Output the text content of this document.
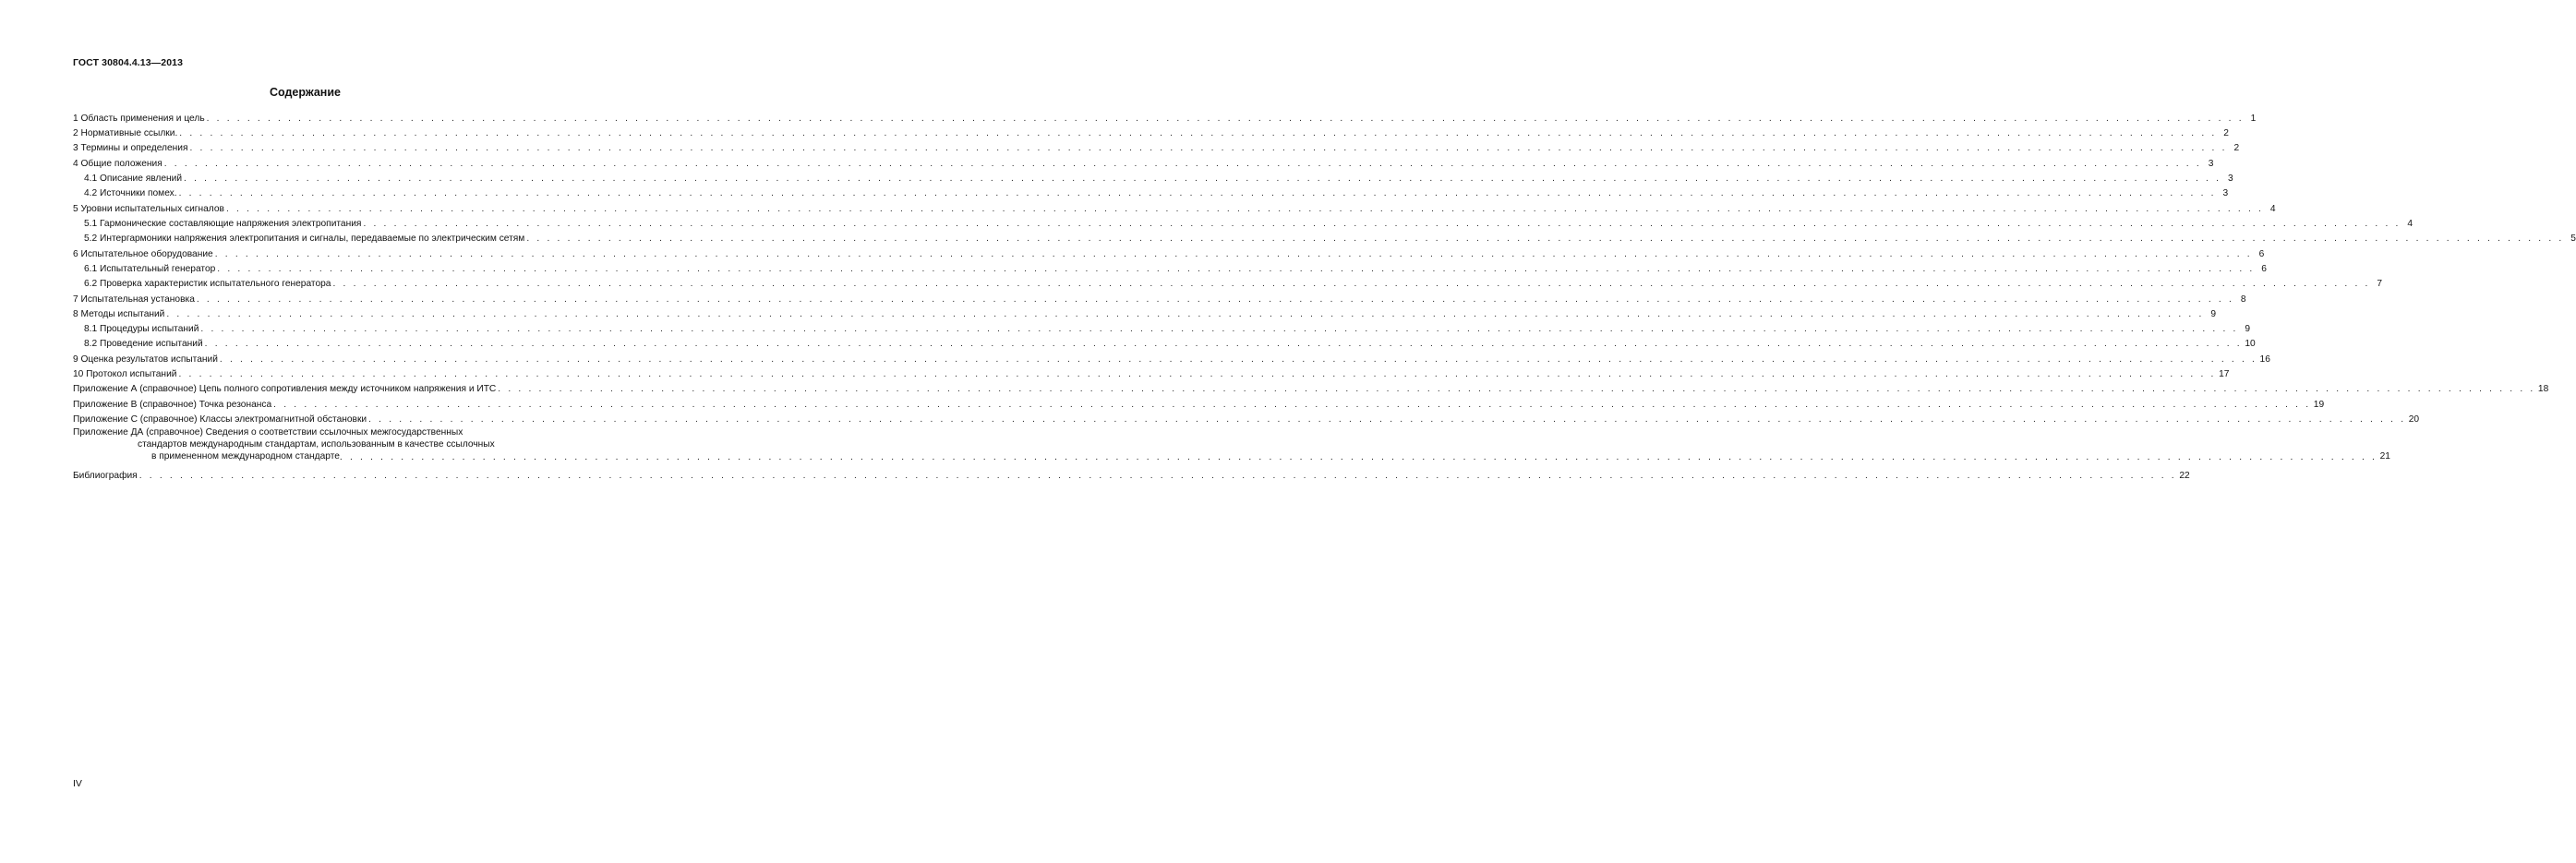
ГОСТ 30804.4.13—2013
Содержание
1 Область применения и цель . . . . . . . . . . . . . . . . . . . . . . . . . . . . . . . . . . . . . . . . . . . . . . . . . . . . . . . . . . . . . . . . . . . . . . . . . . . . . . . . . . . . . . . . . . . . . . . . . . . . . . . . . . . . . . . . . . . . . . . . . . . . . . . . . . . . . . . . . . . . . . . . . . . . . . . . . . . . . . . . . . . . . . . . . . . . . . . . . . . . . . . . . . . . . . . . . . . . . . . . 1
2 Нормативные ссылки. . . . . . . . . . . . . . . . . . . . . . . . . . . . . . . . . . . . . . . . . . . . . . . . . . . . . . . . . . . . . . . . . . . . . . . . . . . . . . . . . . . . . . . . . . . . . . . . . . . . . . . . . . . . . . . . . . . . . . . . . . . . . . . . . . . . . . . . . . . . . . . . . . . . . . . . . . . . . . . . . . . . . . . . . . . . . . . . . . . . . . . . . . . . . . . . . . . . . . . . . 2
3 Термины и определения . . . . . . . . . . . . . . . . . . . . . . . . . . . . . . . . . . . . . . . . . . . . . . . . . . . . . . . . . . . . . . . . . . . . . . . . . . . . . . . . . . . . . . . . . . . . . . . . . . . . . . . . . . . . . . . . . . . . . . . . . . . . . . . . . . . . . . . . . . . . . . . . . . . . . . . . . . . . . . . . . . . . . . . . . . . . . . . . . . . . . . . . . . . . . . . . . . . . . . . . 2
4 Общие положения . . . . . . . . . . . . . . . . . . . . . . . . . . . . . . . . . . . . . . . . . . . . . . . . . . . . . . . . . . . . . . . . . . . . . . . . . . . . . . . . . . . . . . . . . . . . . . . . . . . . . . . . . . . . . . . . . . . . . . . . . . . . . . . . . . . . . . . . . . . . . . . . . . . . . . . . . . . . . . . . . . . . . . . . . . . . . . . . . . . . . . . . . . . . . . . . . . . . . . . . 3
4.1 Описание явлений . . . . . . . . . . . . . . . . . . . . . . . . . . . . . . . . . . . . . . . . . . . . . . . . . . . . . . . . . . . . . . . . . . . . . . . . . . . . . . . . . . . . . . . . . . . . . . . . . . . . . . . . . . . . . . . . . . . . . . . . . . . . . . . . . . . . . . . . . . . . . . . . . . . . . . . . . . . . . . . . . . . . . . . . . . . . . . . . . . . . . . . . . . . . . . . . . . . . . . . . 3
4.2 Источники помех. . . . . . . . . . . . . . . . . . . . . . . . . . . . . . . . . . . . . . . . . . . . . . . . . . . . . . . . . . . . . . . . . . . . . . . . . . . . . . . . . . . . . . . . . . . . . . . . . . . . . . . . . . . . . . . . . . . . . . . . . . . . . . . . . . . . . . . . . . . . . . . . . . . . . . . . . . . . . . . . . . . . . . . . . . . . . . . . . . . . . . . . . . . . . . . . . . . . . . . . . 3
5 Уровни испытательных сигналов . . . . . . . . . . . . . . . . . . . . . . . . . . . . . . . . . . . . . . . . . . . . . . . . . . . . . . . . . . . . . . . . . . . . . . . . . . . . . . . . . . . . . . . . . . . . . . . . . . . . . . . . . . . . . . . . . . . . . . . . . . . . . . . . . . . . . . . . . . . . . . . . . . . . . . . . . . . . . . . . . . . . . . . . . . . . . . . . . . . . . . . . . . . . . . . . . . . . . . . . 4
5.1 Гармонические составляющие напряжения электропитания . . . . . . . . . . . . . . . . . . . . . . . . . . . . . . . . . . . . . . . . . . . . . . . . . . . . . . . . . . . . . . . . . . . . . . . . . . . . . . . . . . . . . . . . . . . . . . . . . . . . . . . . . . . . . . . . . . . . . . . . . . . . . . . . . . . . . . . . . . . . . . . . . . . . . . . . . . . . . . . . . . . . . . . . . . . . . . . . . . . . . . . . . . . . . . . . . . . . . . . . 4
5.2 Интергармоники напряжения электропитания и сигналы, передаваемые по электрическим сетям . . . . . . . . . . . . . . . . . . . . . . . . . . . . . . . . . . . . . . . . . . . . . . . . . . . . . . . . . . . . . . . . . . . . . . . . . . . . . . . . . . . . . . . . . . . . . . . . . . . . . . . . . . . . . . . . . . . . . . . . . . . . . . . . . . . . . . . . . . . . . . . . . . . . . . . . . . . . . . . . . . . . . . . . . . . . . . . . . . . . . . . . . . . . . . . . . . . . . . . . 5
6 Испытательное оборудование . . . . . . . . . . . . . . . . . . . . . . . . . . . . . . . . . . . . . . . . . . . . . . . . . . . . . . . . . . . . . . . . . . . . . . . . . . . . . . . . . . . . . . . . . . . . . . . . . . . . . . . . . . . . . . . . . . . . . . . . . . . . . . . . . . . . . . . . . . . . . . . . . . . . . . . . . . . . . . . . . . . . . . . . . . . . . . . . . . . . . . . . . . . . . . . . . . . . . . . . 6
6.1 Испытательный генератор . . . . . . . . . . . . . . . . . . . . . . . . . . . . . . . . . . . . . . . . . . . . . . . . . . . . . . . . . . . . . . . . . . . . . . . . . . . . . . . . . . . . . . . . . . . . . . . . . . . . . . . . . . . . . . . . . . . . . . . . . . . . . . . . . . . . . . . . . . . . . . . . . . . . . . . . . . . . . . . . . . . . . . . . . . . . . . . . . . . . . . . . . . . . . . . . . . . . . . . . 6
6.2 Проверка характеристик испытательного генератора . . . . . . . . . . . . . . . . . . . . . . . . . . . . . . . . . . . . . . . . . . . . . . . . . . . . . . . . . . . . . . . . . . . . . . . . . . . . . . . . . . . . . . . . . . . . . . . . . . . . . . . . . . . . . . . . . . . . . . . . . . . . . . . . . . . . . . . . . . . . . . . . . . . . . . . . . . . . . . . . . . . . . . . . . . . . . . . . . . . . . . . . . . . . . . . . . . . . . . . . 7
7 Испытательная установка . . . . . . . . . . . . . . . . . . . . . . . . . . . . . . . . . . . . . . . . . . . . . . . . . . . . . . . . . . . . . . . . . . . . . . . . . . . . . . . . . . . . . . . . . . . . . . . . . . . . . . . . . . . . . . . . . . . . . . . . . . . . . . . . . . . . . . . . . . . . . . . . . . . . . . . . . . . . . . . . . . . . . . . . . . . . . . . . . . . . . . . . . . . . . . . . . . . . . . . . 8
8 Методы испытаний . . . . . . . . . . . . . . . . . . . . . . . . . . . . . . . . . . . . . . . . . . . . . . . . . . . . . . . . . . . . . . . . . . . . . . . . . . . . . . . . . . . . . . . . . . . . . . . . . . . . . . . . . . . . . . . . . . . . . . . . . . . . . . . . . . . . . . . . . . . . . . . . . . . . . . . . . . . . . . . . . . . . . . . . . . . . . . . . . . . . . . . . . . . . . . . . . . . . . . . . 9
8.1 Процедуры испытаний . . . . . . . . . . . . . . . . . . . . . . . . . . . . . . . . . . . . . . . . . . . . . . . . . . . . . . . . . . . . . . . . . . . . . . . . . . . . . . . . . . . . . . . . . . . . . . . . . . . . . . . . . . . . . . . . . . . . . . . . . . . . . . . . . . . . . . . . . . . . . . . . . . . . . . . . . . . . . . . . . . . . . . . . . . . . . . . . . . . . . . . . . . . . . . . . . . . . . . . . 9
8.2 Проведение испытаний . . . . . . . . . . . . . . . . . . . . . . . . . . . . . . . . . . . . . . . . . . . . . . . . . . . . . . . . . . . . . . . . . . . . . . . . . . . . . . . . . . . . . . . . . . . . . . . . . . . . . . . . . . . . . . . . . . . . . . . . . . . . . . . . . . . . . . . . . . . . . . . . . . . . . . . . . . . . . . . . . . . . . . . . . . . . . . . . . . . . . . . . . . . . . . . . . . . . . . . . 10
9 Оценка результатов испытаний . . . . . . . . . . . . . . . . . . . . . . . . . . . . . . . . . . . . . . . . . . . . . . . . . . . . . . . . . . . . . . . . . . . . . . . . . . . . . . . . . . . . . . . . . . . . . . . . . . . . . . . . . . . . . . . . . . . . . . . . . . . . . . . . . . . . . . . . . . . . . . . . . . . . . . . . . . . . . . . . . . . . . . . . . . . . . . . . . . . . . . . . . . . . . . . . . . . . . . . . 16
10 Протокол испытаний . . . . . . . . . . . . . . . . . . . . . . . . . . . . . . . . . . . . . . . . . . . . . . . . . . . . . . . . . . . . . . . . . . . . . . . . . . . . . . . . . . . . . . . . . . . . . . . . . . . . . . . . . . . . . . . . . . . . . . . . . . . . . . . . . . . . . . . . . . . . . . . . . . . . . . . . . . . . . . . . . . . . . . . . . . . . . . . . . . . . . . . . . . . . . . . . . . . . . . . . 17
Приложение А (справочное) Цепь полного сопротивления между источником напряжения и ИТС . . . . . . . . . . . . . . . . . . . . . . . . . . . . . . . . . . . . . . . . . . . . . . . . . . . . . . . . . . . . . . . . . . . . . . . . . . . . . . . . . . . . . . . . . . . . . . . . . . . . . . . . . . . . . . . . . . . . . . . . . . . . . . . . . . . . . . . . . . . . . . . . . . . . . . . . . . . . . . . . . . . . . . . . . . . . . . . . . . . . . . . . . . . . . . . . . . . . . . . . 18
Приложение В (справочное) Точка резонанса . . . . . . . . . . . . . . . . . . . . . . . . . . . . . . . . . . . . . . . . . . . . . . . . . . . . . . . . . . . . . . . . . . . . . . . . . . . . . . . . . . . . . . . . . . . . . . . . . . . . . . . . . . . . . . . . . . . . . . . . . . . . . . . . . . . . . . . . . . . . . . . . . . . . . . . . . . . . . . . . . . . . . . . . . . . . . . . . . . . . . . . . . . . . . . . . . . . . . . . . 19
Приложение С (справочное) Классы электромагнитной обстановки . . . . . . . . . . . . . . . . . . . . . . . . . . . . . . . . . . . . . . . . . . . . . . . . . . . . . . . . . . . . . . . . . . . . . . . . . . . . . . . . . . . . . . . . . . . . . . . . . . . . . . . . . . . . . . . . . . . . . . . . . . . . . . . . . . . . . . . . . . . . . . . . . . . . . . . . . . . . . . . . . . . . . . . . . . . . . . . . . . . . . . . . . . . . . . . . . . . . . . . . 20
Приложение ДА (справочное) Сведения о соответствии ссылочных межгосударственных
стандартов международным стандартам, использованным в качестве ссылочных
в примененном международном стандарте . . . . . . . . . . . . . . . . . . . . . . . . . . . . . . . . . . . . . . . . . . . . . . . . . . . . . . . . . . . . . . . . . . . . . . . . . . . . . . . . . . . . . . . . . . . . . . . . . . . . . . . . . . . . . . . . . . . . . . . . . . . . . . . . . . . . . . . . . . . . . . . . . . . . . . . . . . . . . . . . . . . . . . . . . . . . . . . . . . . . . . . . . . . . . . . . . . . . . . . . 21
Библиография . . . . . . . . . . . . . . . . . . . . . . . . . . . . . . . . . . . . . . . . . . . . . . . . . . . . . . . . . . . . . . . . . . . . . . . . . . . . . . . . . . . . . . . . . . . . . . . . . . . . . . . . . . . . . . . . . . . . . . . . . . . . . . . . . . . . . . . . . . . . . . . . . . . . . . . . . . . . . . . . . . . . . . . . . . . . . . . . . . . . . . . . . . . . . . . . . . . . . . . . 22
IV
